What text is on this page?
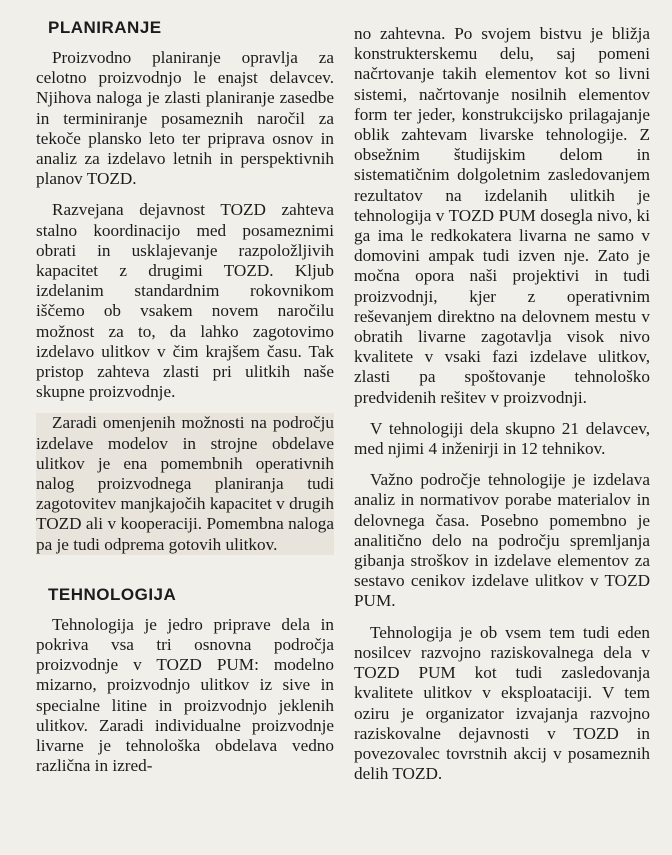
PLANIRANJE

Proizvodno planiranje opravlja za celotno proizvodnjo le enajst delavcev. Njihova naloga je zlasti planiranje zasedbe in terminiranje posameznih naročil za tekoče plansko leto ter priprava osnov in analiz za izdelavo letnih in perspektivnih planov TOZD.

Razvejana dejavnost TOZD zahteva stalno koordinacijo med posameznimi obrati in usklajevanje razpoložljivih kapacitet z drugimi TOZD. Kljub izdelanim standardnim rokovnikom iščemo ob vsakem novem naročilu možnost za to, da lahko zagotovimo izdelavo ulitkov v čim krajšem času. Tak pristop zahteva zlasti pri ulitkih naše skupne proizvodnje.

Zaradi omenjenih možnosti na področju izdelave modelov in strojne obdelave ulitkov je ena pomembnih operativnih nalog proizvodnega planiranja tudi zagotovitev manjkajočih kapacitet v drugih TOZD ali v kooperaciji. Pomembna naloga pa je tudi odprema gotovih ulitkov.

TEHNOLOGIJA

Tehnologija je jedro priprave dela in pokriva vsa tri osnovna področja proizvodnje v TOZD PUM: modelno mizarno, proizvodnjo ulitkov iz sive in specialne litine in proizvodnjo jeklenih ulitkov. Zaradi individualne proizvodnje livarne je tehnološka obdelava vedno različna in izred-

no zahtevna. Po svojem bistvu je bližja konstrukterskemu delu, saj pomeni načrtovanje takih elementov kot so livni sistemi, načrtovanje nosilnih elementov form ter jeder, konstrukcijsko prilagajanje oblik zahtevam livarske tehnologije. Z obsežnim študijskim delom in sistematičnim dolgoletnim zasledovanjem rezultatov na izdelanih ulitkih je tehnologija v TOZD PUM dosegla nivo, ki ga ima le redkokatera livarna ne samo v domovini ampak tudi izven nje. Zato je močna opora naši projektivi in tudi proizvodnji, kjer z operativnim reševanjem direktno na delovnem mestu v obratih livarne zagotavlja visok nivo kvalitete v vsaki fazi izdelave ulitkov, zlasti pa spoštovanje tehnološko predvidenih rešitev v proizvodnji.

V tehnologiji dela skupno 21 delavcev, med njimi 4 inženirji in 12 tehnikov.

Važno področje tehnologije je izdelava analiz in normativov porabe materialov in delovnega časa. Posebno pomembno je analitično delo na področju spremljanja gibanja stroškov in izdelave elementov za sestavo cenikov izdelave ulitkov v TOZD PUM.

Tehnologija je ob vsem tem tudi eden nosilcev razvojno raziskovalnega dela v TOZD PUM kot tudi zasledovanja kvalitete ulitkov v eksploataciji. V tem oziru je organizator izvajanja razvojno raziskovalne dejavnosti v TOZD in povezovalec tovrstnih akcij v posameznih delih TOZD.
